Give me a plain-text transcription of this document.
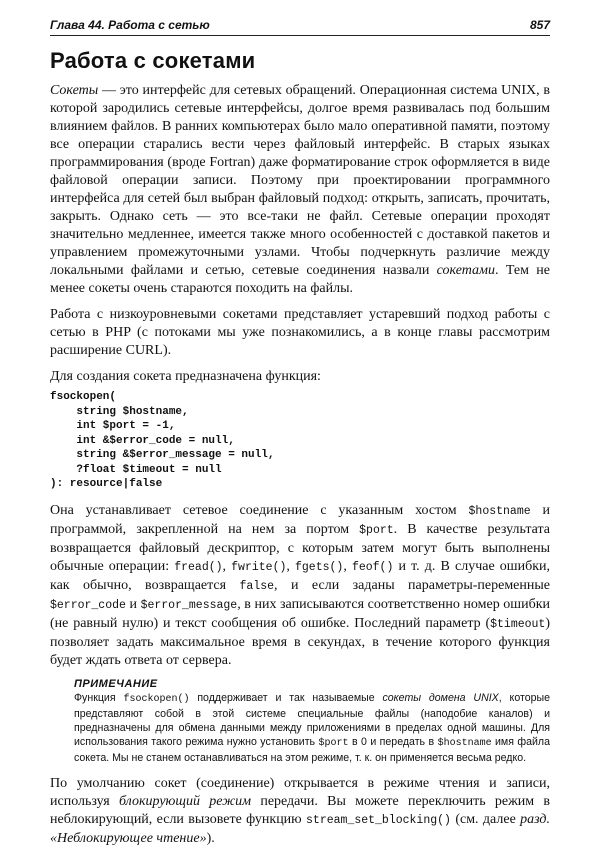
Глава 44. Работа с сетью	857
Работа с сокетами

Сокеты — это интерфейс для сетевых обращений. Операционная система UNIX, в которой зародились сетевые интерфейсы, долгое время развивалась под большим влиянием файлов. В ранних компьютерах было мало оперативной памяти, поэтому все операции старались вести через файловый интерфейс. В старых языках программирования (вроде Fortran) даже форматирование строк оформляется в виде файловой операции записи. Поэтому при проектировании программного интерфейса для сетей был выбран файловый подход: открыть, записать, прочитать, закрыть. Однако сеть — это все-таки не файл. Сетевые операции проходят значительно медленнее, имеется также много особенностей с доставкой пакетов и управлением промежуточными узлами. Чтобы подчеркнуть различие между локальными файлами и сетью, сетевые соединения назвали сокетами. Тем не менее сокеты очень стараются походить на файлы.

Работа с низкоуровневыми сокетами представляет устаревший подход работы с сетью в PHP (с потоками мы уже познакомились, а в конце главы рассмотрим расширение CURL).

Для создания сокета предназначена функция:

fsockopen(
string $hostname,
int $port = -1,
int &$error_code = null,
string &$error_message = null,
?float $timeout = null
): resource|false

Она устанавливает сетевое соединение с указанным хостом $hostname и программой, закрепленной на нем за портом $port. В качестве результата возвращается файловый дескриптор, с которым затем могут быть выполнены обычные операции: fread(), fwrite(), fgets(), feof() и т. д. В случае ошибки, как обычно, возвращается false, и если заданы параметры-переменные $error_code и $error_message, в них записываются соответственно номер ошибки (не равный нулю) и текст сообщения об ошибке. Последний параметр ($timeout) позволяет задать максимальное время в секундах, в течение которого функция будет ждать ответа от сервера.

ПРИМЕЧАНИЕ
Функция fsockopen() поддерживает и так называемые сокеты домена UNIX, которые представляют собой в этой системе специальные файлы (наподобие каналов) и предназначены для обмена данными между приложениями в пределах одной машины. Для использования такого режима нужно установить $port в 0 и передать в $hostname имя файла сокета. Мы не станем останавливаться на этом режиме, т. к. он применяется весьма редко.

По умолчанию сокет (соединение) открывается в режиме чтения и записи, используя блокирующий режим передачи. Вы можете переключить режим в неблокирующий, если вызовете функцию stream_set_blocking() (см. далее разд. «Неблокирующее чтение»).
